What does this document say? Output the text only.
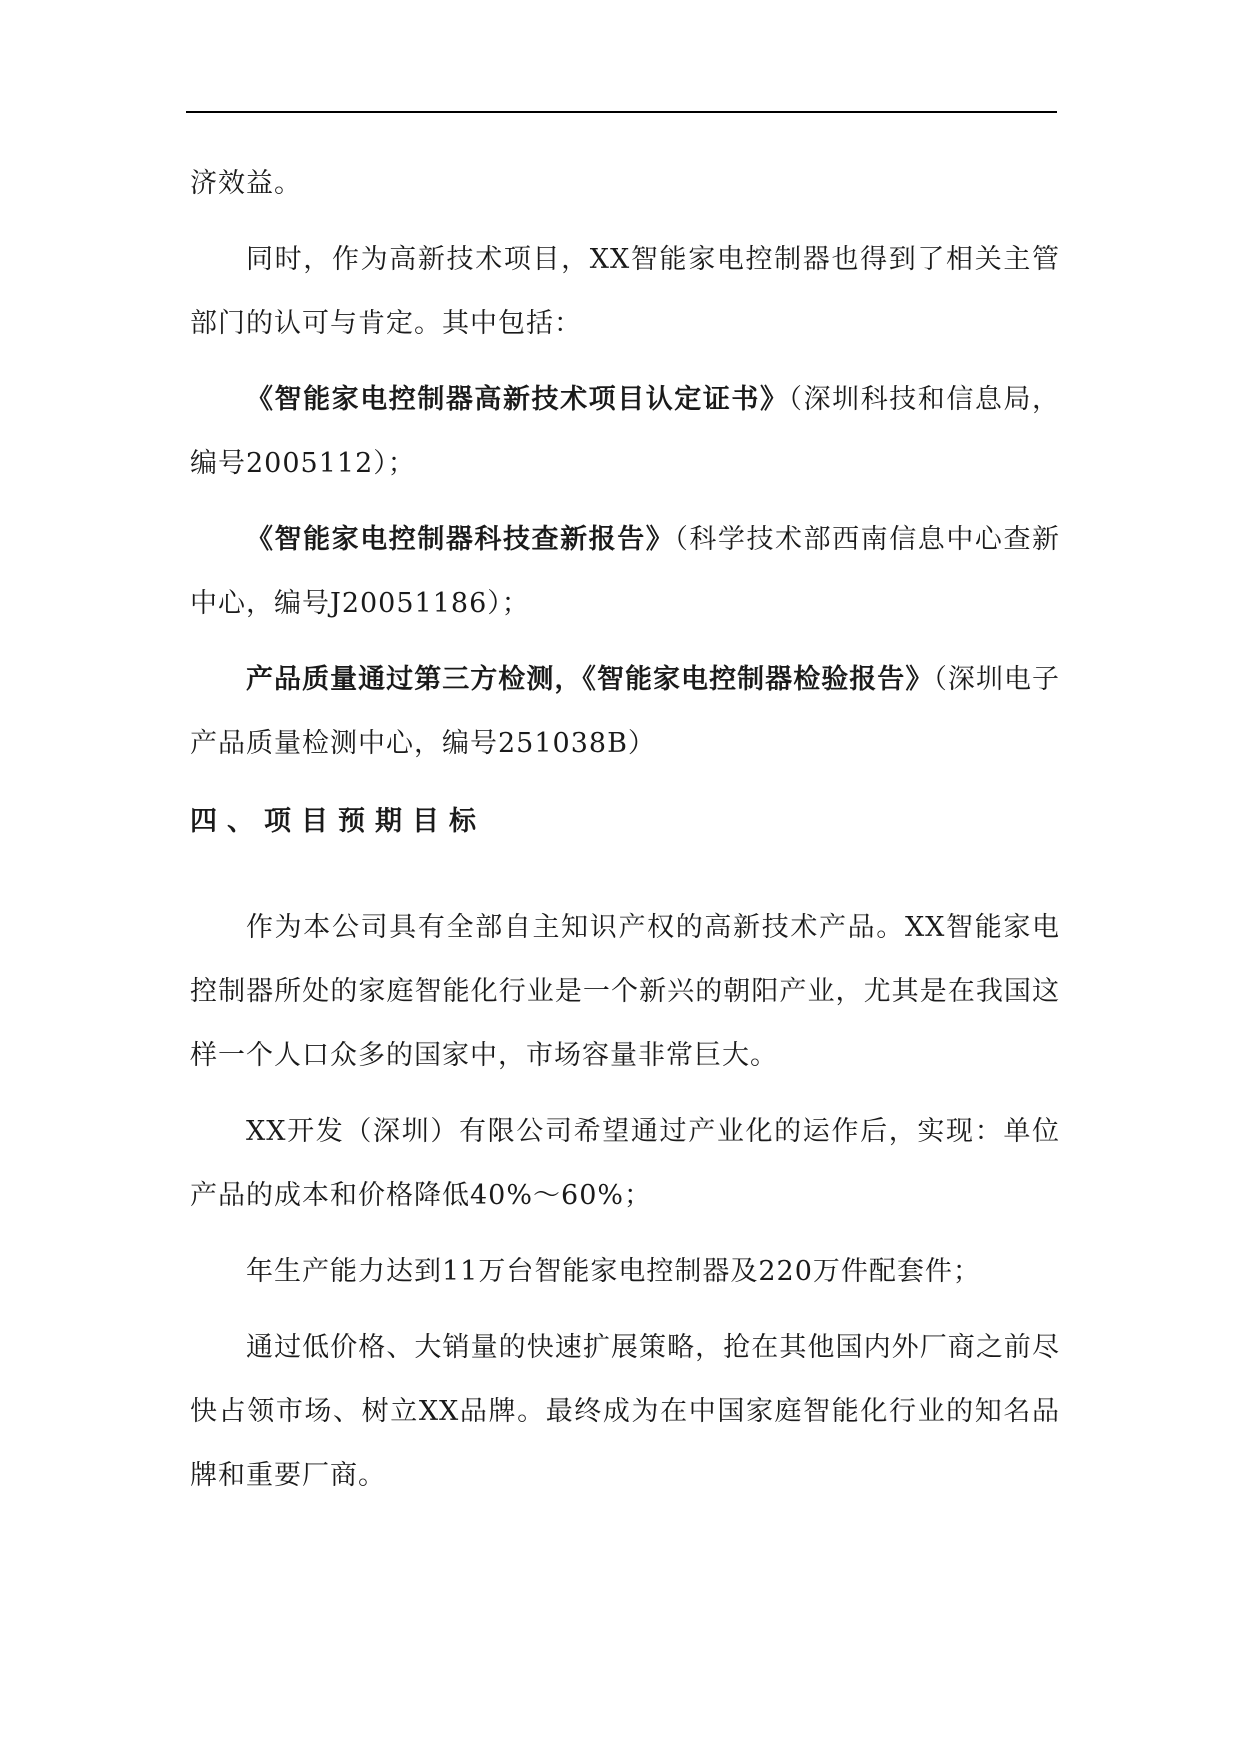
济效益。

同时，作为高新技术项目，XX智能家电控制器也得到了相关主管部门的认可与肯定。其中包括：

《智能家电控制器高新技术项目认定证书》（深圳科技和信息局，编号2005112）；

《智能家电控制器科技查新报告》（科学技术部西南信息中心查新中心，编号J20051186）；

产品质量通过第三方检测，《智能家电控制器检验报告》（深圳电子产品质量检测中心，编号251038B）

四、项目预期目标

作为本公司具有全部自主知识产权的高新技术产品。XX智能家电控制器所处的家庭智能化行业是一个新兴的朝阳产业，尤其是在我国这样一个人口众多的国家中，市场容量非常巨大。

XX开发（深圳）有限公司希望通过产业化的运作后，实现：单位产品的成本和价格降低40%～60%；

年生产能力达到11万台智能家电控制器及220万件配套件；

通过低价格、大销量的快速扩展策略，抢在其他国内外厂商之前尽快占领市场、树立XX品牌。最终成为在中国家庭智能化行业的知名品牌和重要厂商。
